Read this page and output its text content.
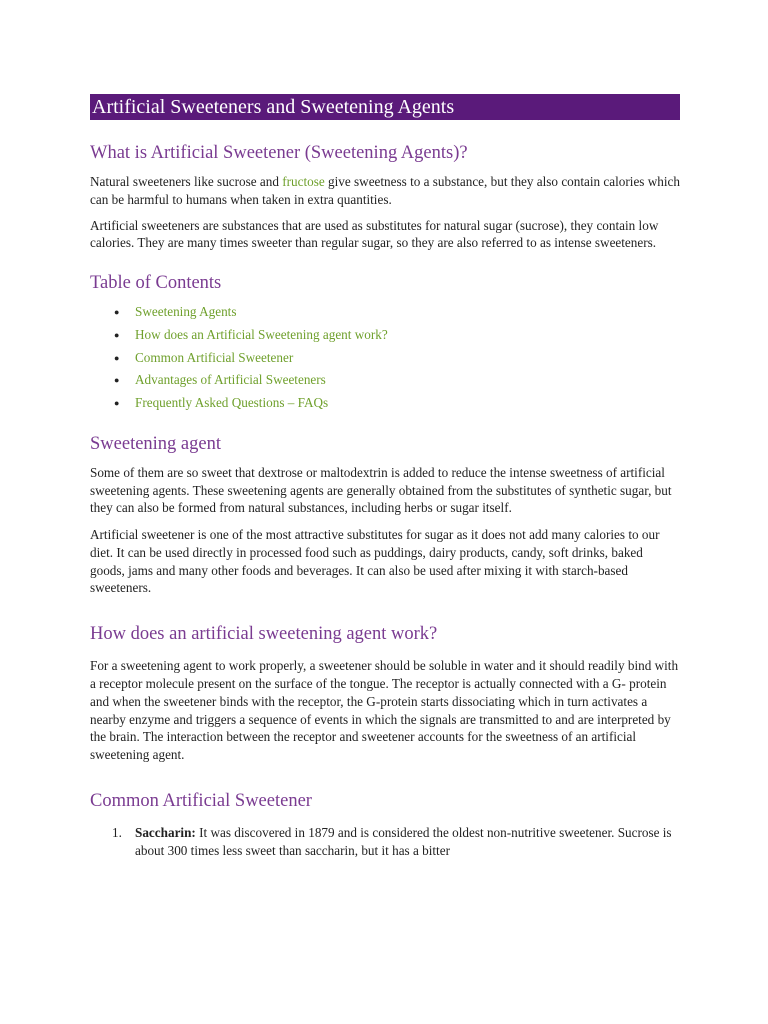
Artificial Sweeteners and Sweetening Agents
What is Artificial Sweetener (Sweetening Agents)?

Natural sweeteners like sucrose and fructose give sweetness to a substance, but they also contain calories which can be harmful to humans when taken in extra quantities.

Artificial sweeteners are substances that are used as substitutes for natural sugar (sucrose), they contain low calories. They are many times sweeter than regular sugar, so they are also referred to as intense sweeteners.

Table of Contents
● Sweetening Agents
● How does an Artificial Sweetening agent work?
● Common Artificial Sweetener
● Advantages of Artificial Sweeteners
● Frequently Asked Questions – FAQs
Sweetening agent

Some of them are so sweet that dextrose or maltodextrin is added to reduce the intense sweetness of artificial sweetening agents. These sweetening agents are generally obtained from the substitutes of synthetic sugar, but they can also be formed from natural substances, including herbs or sugar itself.

Artificial sweetener is one of the most attractive substitutes for sugar as it does not add many calories to our diet. It can be used directly in processed food such as puddings, dairy products, candy, soft drinks, baked goods, jams and many other foods and beverages. It can also be used after mixing it with starch-based sweeteners.

How does an artificial sweetening agent work?

For a sweetening agent to work properly, a sweetener should be soluble in water and it should readily bind with a receptor molecule present on the surface of the tongue. The receptor is actually connected with a G- protein and when the sweetener binds with the receptor, the G-protein starts dissociating which in turn activates a nearby enzyme and triggers a sequence of events in which the signals are transmitted to and are interpreted by the brain. The interaction between the receptor and sweetener accounts for the sweetness of an artificial sweetening agent.

Common Artificial Sweetener
1. Saccharin: It was discovered in 1879 and is considered the oldest non-nutritive sweetener. Sucrose is about 300 times less sweet than saccharin, but it has a bitter
